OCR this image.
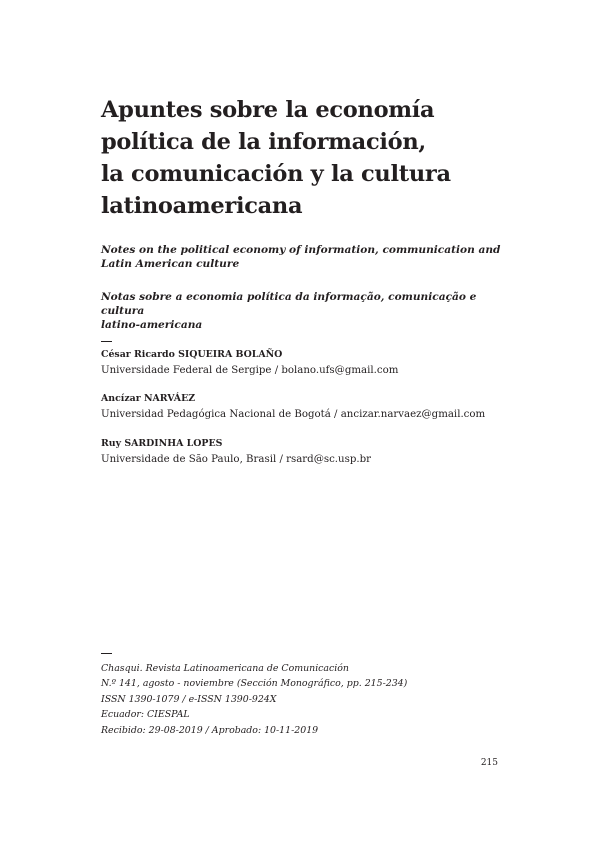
Apuntes sobre la economía
política de la información,
la comunicación y la cultura
latinoamericana
Notes on the political economy of information, communication and
Latin American culture
Notas sobre a economia política da informação, comunicação e cultura
latino-americana
César Ricardo SIQUEIRA BOLAÑO
Universidade Federal de Sergipe / bolano.ufs@gmail.com
Ancízar NARVÁEZ
Universidad Pedagógica Nacional de Bogotá / ancizar.narvaez@gmail.com
Ruy SARDINHA LOPES
Universidade de São Paulo, Brasil / rsard@sc.usp.br
Chasqui. Revista Latinoamericana de Comunicación
N.º 141, agosto - noviembre (Sección Monográfico, pp. 215-234)
ISSN 1390-1079 / e-ISSN 1390-924X
Ecuador: CIESPAL
Recibido: 29-08-2019 / Aprobado: 10-11-2019
215
